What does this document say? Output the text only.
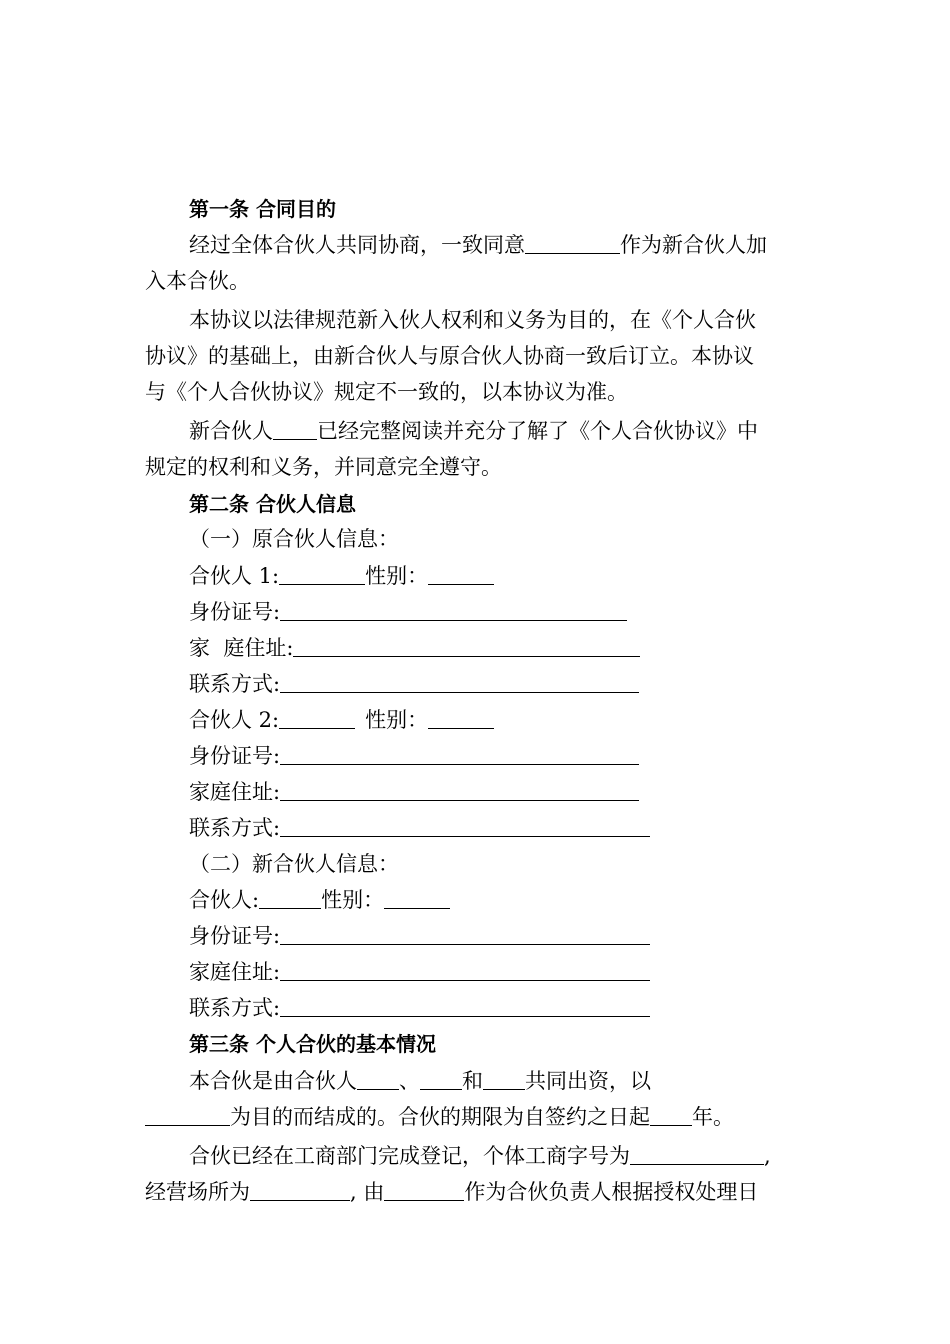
第一条 合同目的
经过全体合伙人共同协商，一致同意	作为新合伙人加
入本合伙。
本协议以法律规范新入伙人权利和义务为目的，在《个人合伙
协议》的基础上，由新合伙人与原合伙人协商一致后订立。本协议
与《个人合伙协议》规定不一致的，以本协议为准。
新合伙人 已经完整阅读并充分了解了《个人合伙协议》中
规定的权利和义务，并同意完全遵守。
第二条 合伙人信息
（一）原合伙人信息：
合伙人 1:	性别：
身份证号:
家  庭住址:
联系方式:
合伙人 2:	性别：
身份证号:
家庭住址:
联系方式:
（二）新合伙人信息：
合伙人:	性别：
身份证号:
家庭住址:
联系方式:
第三条 个人合伙的基本情况
本合伙是由合伙人 、 和 共同出资，以
为目的而结成的。合伙的期限为自签约之日起 年。
合伙已经在工商部门完成登记，个体工商字号为	,
经营场所为	, 由	作为合伙负责人根据授权处理日
